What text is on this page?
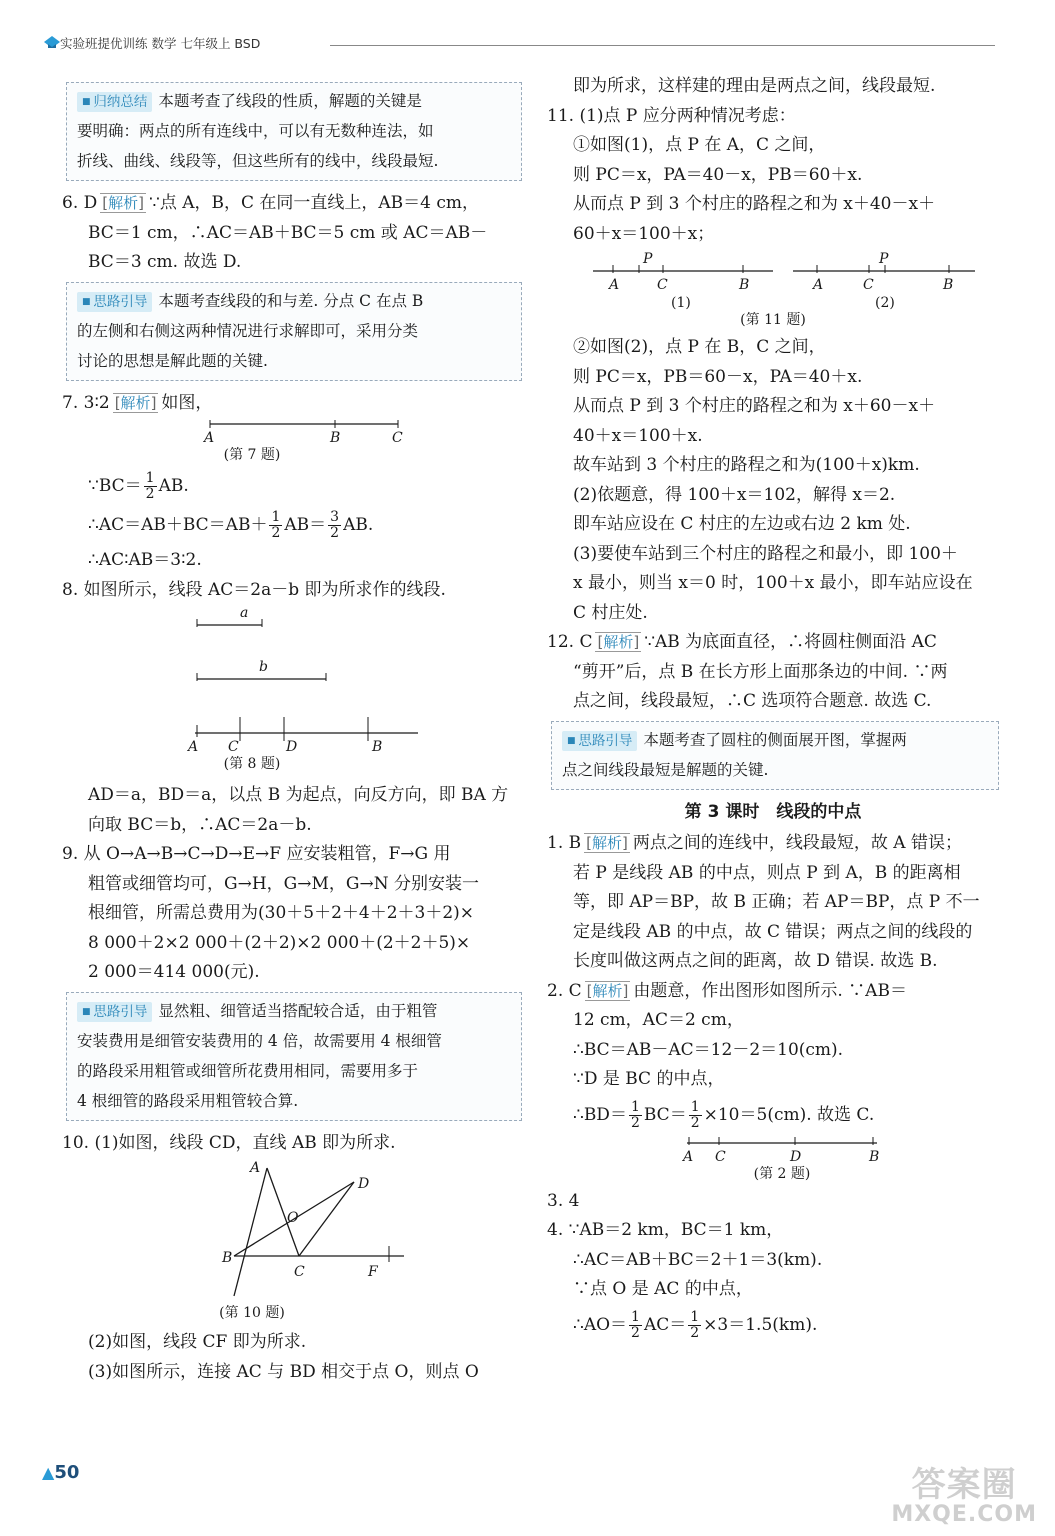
实验班提优训练 数学 七年级上 BSD
■ 归纳总结 本题考查了线段的性质，解题的关键是
要明确：两点的所有连线中，可以有无数种连法，如
折线、曲线、线段等，但这些所有的线中，线段最短.
6. D [ 解析 ] ∵点 A，B，C 在同一直线上，AB＝4 cm，
BC＝1 cm，∴AC＝AB＋BC＝5 cm 或 AC＝AB－
BC＝3 cm. 故选 D.
■ 思路引导 本题考查线段的和与差. 分点 C 在点 B
的左侧和右侧这两种情况进行求解即可，采用分类
讨论的思想是解此题的关键.
7. 3∶2 [ 解析 ] 如图，
A	B	C
(第 7 题)
∵BC＝ $\frac{1}{2}$ AB.
∴AC＝AB＋BC＝AB＋ $\frac{1}{2} AB= \frac{3}{2}$ AB.
∴AC∶AB＝3∶2.
8. 如图所示，线段 AC＝2a－b 即为所求作的线段.
a
b
A C	D	B
(第 8 题)
AD＝a，BD＝a，以点 B 为起点，向反方向，即 BA 方
向取 BC＝b，∴AC＝2a－b.
9. 从 O→A→B→C→D→E→F 应安装粗管，F→G 用
粗管或细管均可，G→H，G→M，G→N 分别安装一
根细管，所需总费用为(30＋5＋2＋4＋2＋3＋2)×
8 000＋2×2 000＋(2＋2)×2 000＋(2＋2＋5)×
2 000＝414 000(元).
■ 思路引导 显然粗、细管适当搭配较合适，由于粗管
安装费用是细管安装费用的 4 倍，故需要用 4 根细管
的路段采用粗管或细管所花费用相同，需要用多于
4 根细管的路段采用粗管较合算.
10. (1)如图，线段 CD，直线 AB 即为所求.
A
D
O
B
C	F
(第 10 题)
(2)如图，线段 CF 即为所求.
(3)如图所示，连接 AC 与 BD 相交于点 O，则点 O
即为所求，这样建的理由是两点之间，线段最短.
11. (1)点 P 应分两种情况考虑：
①如图(1)，点 P 在 A，C 之间，
则 PC＝x，PA＝40－x，PB＝60＋x.
从而点 P 到 3 个村庄的路程之和为 x＋40－x＋
60＋x＝100＋x；
P
A	C	B
(1)
P
A	C	B
(2)
(第 11 题)
②如图(2)，点 P 在 B，C 之间，
则 PC＝x，PB＝60－x，PA＝40＋x.
从而点 P 到 3 个村庄的路程之和为 x＋60－x＋
40＋x＝100＋x.
故车站到 3 个村庄的路程之和为(100＋x)km.
(2)依题意，得 100＋x＝102，解得 x＝2.
即车站应设在 C 村庄的左边或右边 2 km 处.
(3)要使车站到三个村庄的路程之和最小，即 100＋
x 最小，则当 x＝0 时，100＋x 最小，即车站应设在
C 村庄处.
12. C [ 解析 ] ∵AB 为底面直径，∴将圆柱侧面沿 AC
“剪开”后，点 B 在长方形上面那条边的中间. ∵两
点之间，线段最短，∴C 选项符合题意. 故选 C.
■ 思路引导 本题考查了圆柱的侧面展开图，掌握两
点之间线段最短是解题的关键.
第 3 课时　线段的中点
1. B [ 解析 ] 两点之间的连线中，线段最短，故 A 错误；
若 P 是线段 AB 的中点，则点 P 到 A，B 的距离相
等，即 AP＝BP，故 B 正确；若 AP＝BP，点 P 不一
定是线段 AB 的中点，故 C 错误；两点之间的线段的
长度叫做这两点之间的距离，故 D 错误. 故选 B.
2. C [ 解析 ] 由题意，作出图形如图所示. ∵AB＝
12 cm，AC＝2 cm，
∴BC＝AB－AC＝12－2＝10(cm).
∵D 是 BC 的中点，
∴BD＝ $\frac{1}{2} BC= \frac{1}{2} \times 10=5(cm)$. 故选 C.
A C	D	B
(第 2 题)
3. 4
4. ∵AB＝2 km，BC＝1 km，
∴AC＝AB＋BC＝2＋1＝3(km).
∵点 O 是 AC 的中点，
∴AO＝ $\frac{1}{2} AC= \frac{1}{2} \times 3=1.5(km)$.
▲50	答案圈
MXQE.COM
